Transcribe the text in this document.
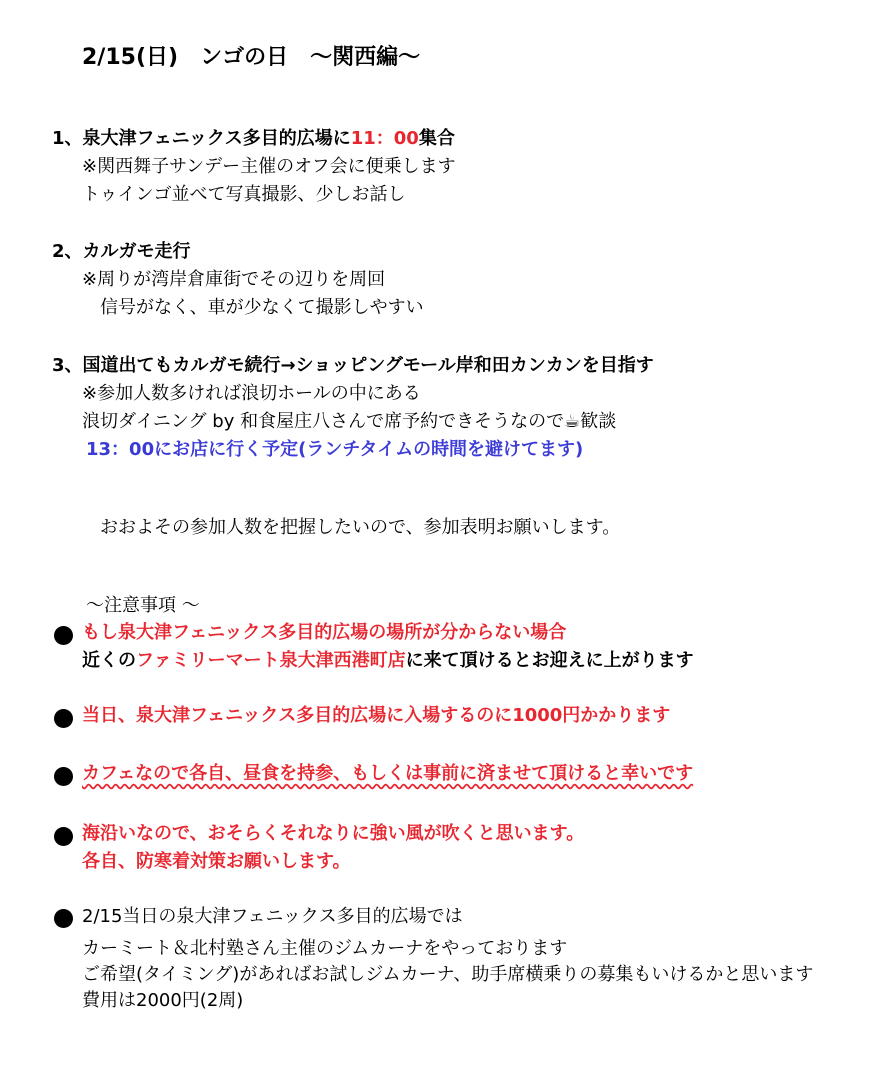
2/15(日)　ンゴの日　～関西編～
1、泉大津フェニックス多目的広場に11：00集合
※関西舞子サンデー主催のオフ会に便乗します
トゥインゴ並べて写真撮影、少しお話し
2、カルガモ走行
※周りが湾岸倉庫街でその辺りを周回
信号がなく、車が少なくて撮影しやすい
3、国道出てもカルガモ続行→ショッピングモール岸和田カンカンを目指す
※参加人数多ければ浪切ホールの中にある
浪切ダイニング by 和食屋庄八さんで席予約できそうなので☕歓談
13：00にお店に行く予定(ランチタイムの時間を避けてます)
おおよその参加人数を把握したいので、参加表明お願いします。
～注意事項 ～
もし泉大津フェニックス多目的広場の場所が分からない場合
近くのファミリーマート泉大津西港町店に来て頂けるとお迎えに上がります
当日、泉大津フェニックス多目的広場に入場するのに1000円かかります
カフェなので各自、昼食を持参、もしくは事前に済ませて頂けると幸いです
海沿いなので、おそらくそれなりに強い風が吹くと思います。
各自、防寒着対策お願いします。
2/15当日の泉大津フェニックス多目的広場では
カーミート＆北村塾さん主催のジムカーナをやっております
ご希望(タイミング)があればお試しジムカーナ、助手席横乗りの募集もいけるかと思います
費用は2000円(2周)
